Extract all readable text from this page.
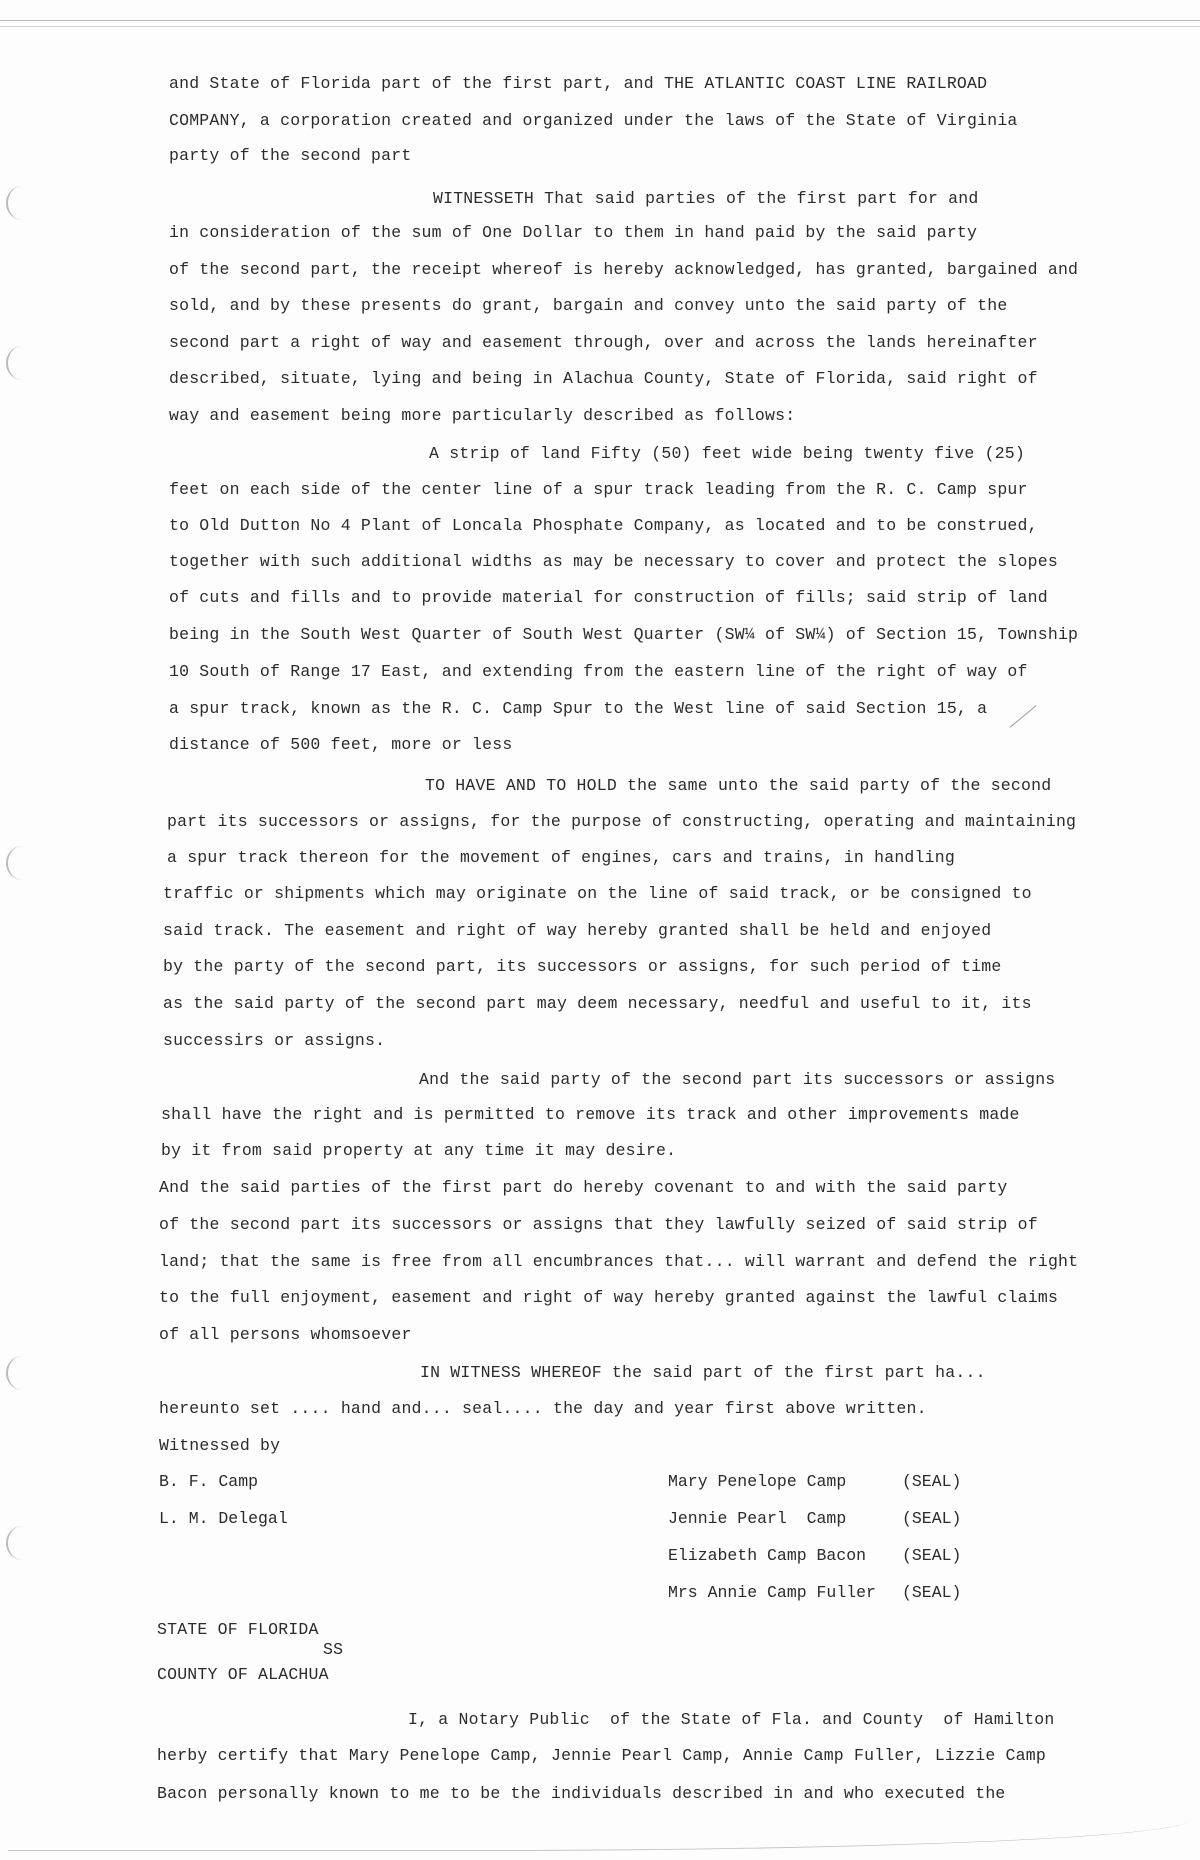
and State of Florida part of the first part, and THE ATLANTIC COAST LINE RAILROAD
COMPANY, a corporation created and organized under the laws of the State of Virginia
party of the second part
WITNESSETH That said parties of the first part for and
in consideration of the sum of One Dollar to them in hand paid by the said party
of the second part, the receipt whereof is hereby acknowledged, has granted, bargained and
sold, and by these presents do grant, bargain and convey unto the said party of the
second part a right of way and easement through, over and across the lands hereinafter
described, situate, lying and being in Alachua County, State of Florida, said right of
way and easement being more particularly described as follows:
A strip of land Fifty (50) feet wide being twenty five (25)
feet on each side of the center line of a spur track leading from the R. C. Camp spur
to Old Dutton No 4 Plant of Loncala Phosphate Company, as located and to be construed,
together with such additional widths as may be necessary to cover and protect the slopes
of cuts and fills and to provide material for construction of fills; said strip of land
being in the South West Quarter of South West Quarter (SW¼ of SW¼) of Section 15, Township
10 South of Range 17 East, and extending from the eastern line of the right of way of
a spur track, known as the R. C. Camp Spur to the West line of said Section 15, a
distance of 500 feet, more or less
TO HAVE AND TO HOLD the same unto the said party of the second
part its successors or assigns, for the purpose of constructing, operating and maintaining
a spur track thereon for the movement of engines, cars and trains, in handling
traffic or shipments which may originate on the line of said track, or be consigned to
said track. The easement and right of way hereby granted shall be held and enjoyed
by the party of the second part, its successors or assigns, for such period of time
as the said party of the second part may deem necessary, needful and useful to it, its
successirs or assigns.
And the said party of the second part its successors or assigns
shall have the right and is permitted to remove its track and other improvements made
by it from said property at any time it may desire.
And the said parties of the first part do hereby covenant to and with the said party
of the second part its successors or assigns that they lawfully seized of said strip of
land; that the same is free from all encumbrances that... will warrant and defend the right
to the full enjoyment, easement and right of way hereby granted against the lawful claims
of all persons whomsoever
IN WITNESS WHEREOF the said part of the first part ha...
hereunto set .... hand and... seal.... the day and year first above written.
Witnessed by
B. F. Camp
L. M. Delegal
Mary Penelope Camp	(SEAL)
Jennie Pearl  Camp	(SEAL)
Elizabeth Camp Bacon (SEAL)
Mrs Annie Camp Fuller (SEAL)
STATE OF FLORIDA
SS
COUNTY OF ALACHUA
I, a Notary Public  of the State of Fla. and County  of Hamilton
herby certify that Mary Penelope Camp, Jennie Pearl Camp, Annie Camp Fuller, Lizzie Camp
Bacon personally known to me to be the individuals described in and who executed the
